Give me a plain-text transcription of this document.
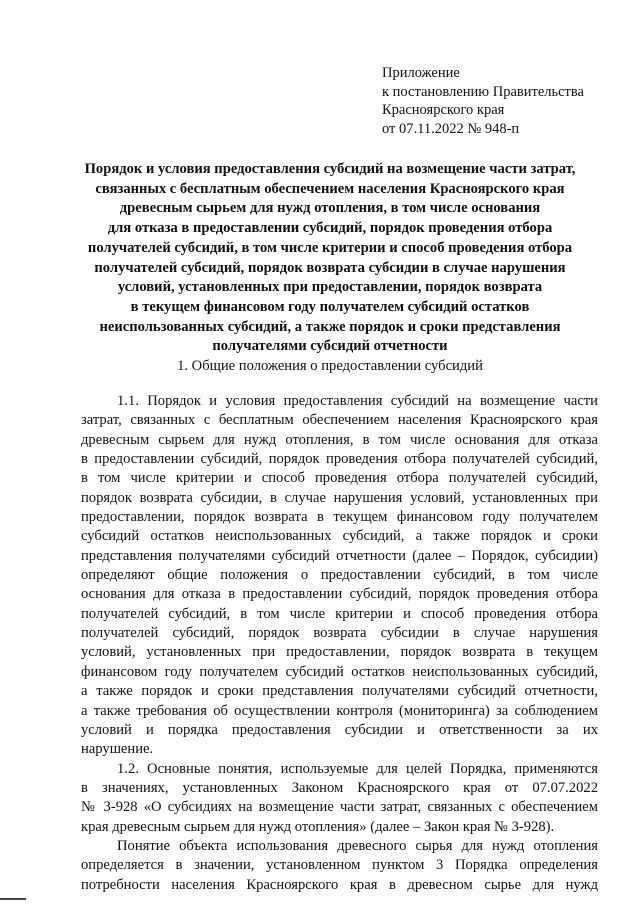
Приложение
к постановлению Правительства
Красноярского края
от 07.11.2022 № 948-п
Порядок и условия предоставления субсидий на возмещение части затрат,
связанных с бесплатным обеспечением населения Красноярского края
древесным сырьем для нужд отопления, в том числе основания
для отказа в предоставлении субсидий, порядок проведения отбора
получателей субсидий, в том числе критерии и способ проведения отбора
получателей субсидий, порядок возврата субсидии в случае нарушения
условий, установленных при предоставлении, порядок возврата
в текущем финансовом году получателем субсидий остатков
неиспользованных субсидий, а также порядок и сроки представления
получателями субсидий отчетности
1. Общие положения о предоставлении субсидий
1.1. Порядок и условия предоставления субсидий на возмещение части
затрат, связанных с бесплатным обеспечением населения Красноярского края
древесным сырьем для нужд отопления, в том числе основания для отказа
в предоставлении субсидий, порядок проведения отбора получателей субсидий,
в том числе критерии и способ проведения отбора получателей субсидий,
порядок возврата субсидии, в случае нарушения условий, установленных при
предоставлении, порядок возврата в текущем финансовом году получателем
субсидий остатков неиспользованных субсидий, а также порядок и сроки
представления получателями субсидий отчетности (далее – Порядок, субсидии)
определяют общие положения о предоставлении субсидий, в том числе
основания для отказа в предоставлении субсидий, порядок проведения отбора
получателей субсидий, в том числе критерии и способ проведения отбора
получателей субсидий, порядок возврата субсидии в случае нарушения
условий, установленных при предоставлении, порядок возврата в текущем
финансовом году получателем субсидий остатков неиспользованных субсидий,
а также порядок и сроки представления получателями субсидий отчетности,
а также требования об осуществлении контроля (мониторинга) за соблюдением
условий и порядка предоставления субсидии и ответственности за их
нарушение.
1.2. Основные понятия, используемые для целей Порядка, применяются
в значениях, установленных Законом Красноярского края от 07.07.2022
№ 3-928 «О субсидиях на возмещение части затрат, связанных с обеспечением
края древесным сырьем для нужд отопления» (далее – Закон края № 3-928).
Понятие объекта использования древесного сырья для нужд отопления
определяется в значении, установленном пунктом 3 Порядка определения
потребности населения Красноярского края в древесном сырье для нужд
